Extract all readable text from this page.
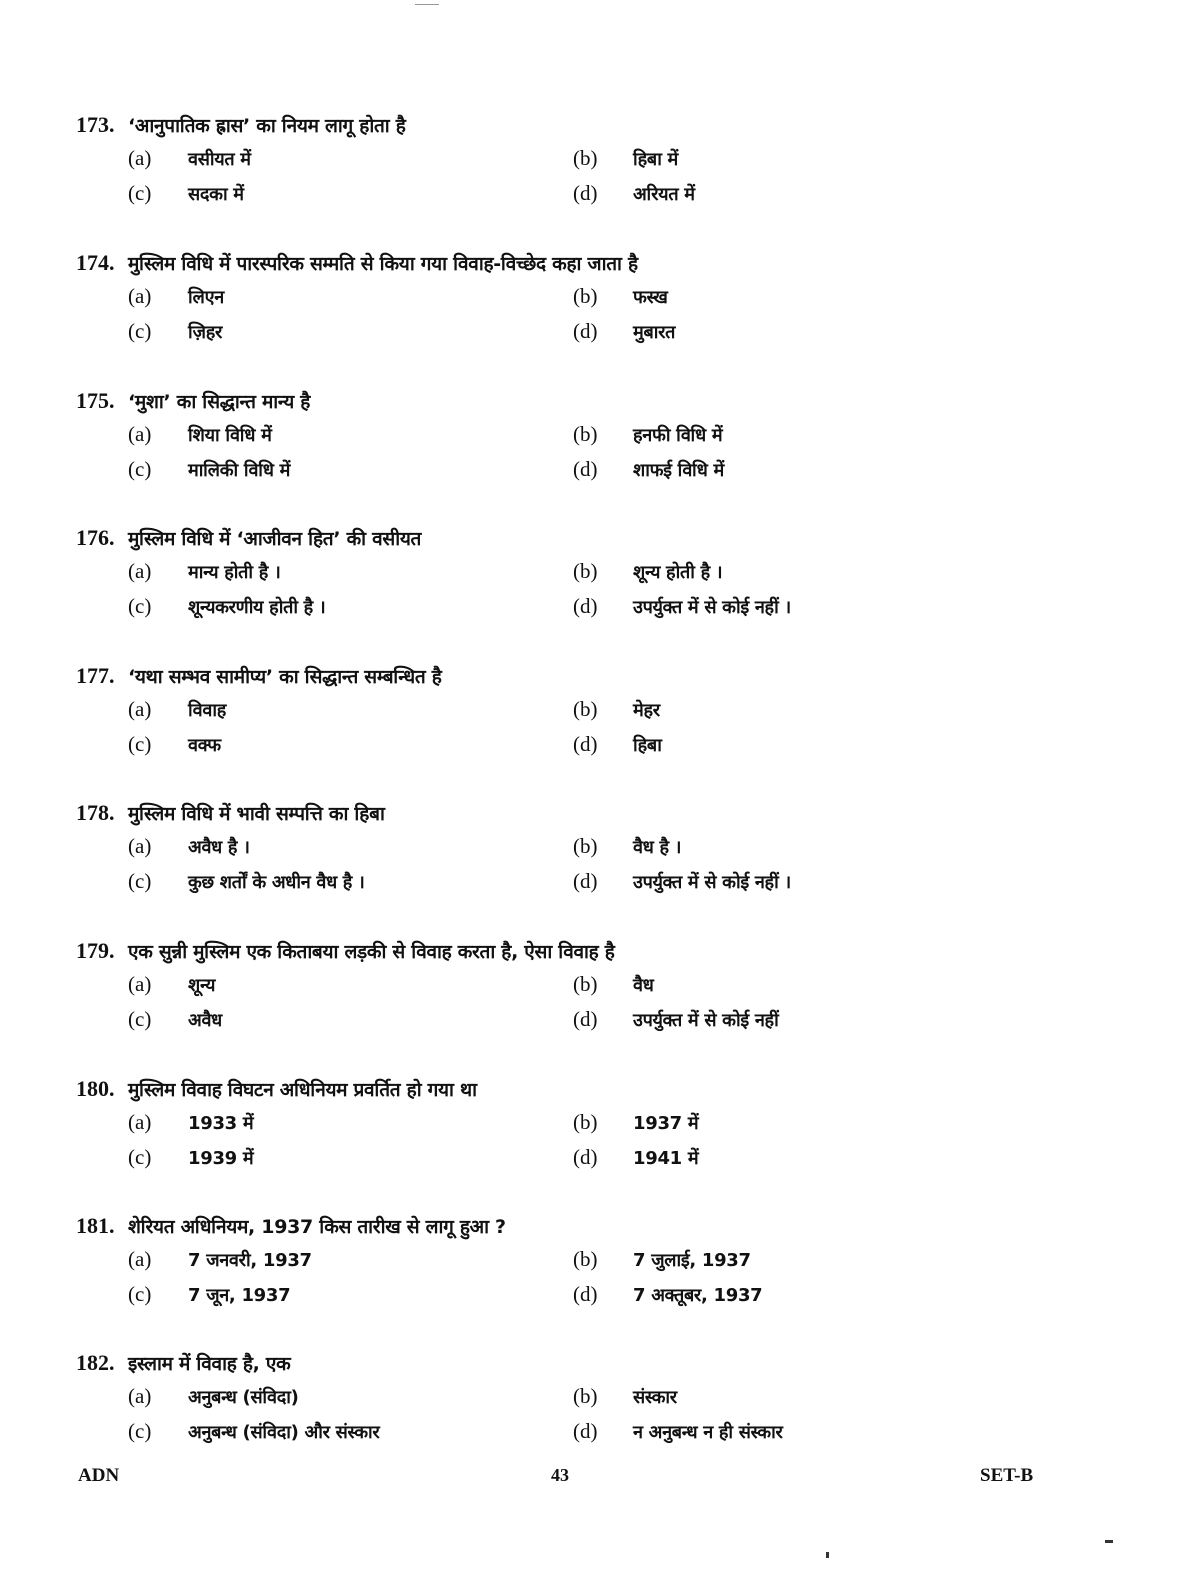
173. ‘आनुपातिक ह्रास’ का नियम लागू होता है
(a)	वसीयत में	(b)	हिबा में
(c)	सदका में	(d)	अरियत में
174. मुस्लिम विधि में पारस्परिक सम्मति से किया गया विवाह-विच्छेद कहा जाता है
(a)	लिएन	(b)	फस्ख
(c)	ज़िहर	(d)	मुबारत
175. ‘मुशा’ का सिद्धान्त मान्य है
(a)	शिया विधि में	(b)	हनफी विधि में
(c)	मालिकी विधि में	(d)	शाफई विधि में
176. मुस्लिम विधि में ‘आजीवन हित’ की वसीयत
(a)	मान्य होती है ।	(b)	शून्य होती है ।
(c)	शून्यकरणीय होती है ।	(d)	उपर्युक्त में से कोई नहीं ।
177. ‘यथा सम्भव सामीप्य’ का सिद्धान्त सम्बन्धित है
(a)	विवाह	(b)	मेहर
(c)	वक्फ	(d)	हिबा
178. मुस्लिम विधि में भावी सम्पत्ति का हिबा
(a)	अवैध है ।	(b)	वैध है ।
(c)	कुछ शर्तों के अधीन वैध है ।	(d)	उपर्युक्त में से कोई नहीं ।
179. एक सुन्नी मुस्लिम एक किताबया लड़की से विवाह करता है, ऐसा विवाह है
(a)	शून्य	(b)	वैध
(c)	अवैध	(d)	उपर्युक्त में से कोई नहीं
180. मुस्लिम विवाह विघटन अधिनियम प्रवर्तित हो गया था
(a)	1933 में	(b)	1937 में
(c)	1939 में	(d)	1941 में
181. शेरियत अधिनियम, 1937 किस तारीख से लागू हुआ ?
(a)	7 जनवरी, 1937	(b)	7 जुलाई, 1937
(c)	7 जून, 1937	(d)	7 अक्तूबर, 1937
182. इस्लाम में विवाह है, एक
(a)	अनुबन्ध (संविदा)	(b)	संस्कार
(c)	अनुबन्ध (संविदा) और संस्कार	(d)	न अनुबन्ध न ही संस्कार
ADN	43	SET-B
